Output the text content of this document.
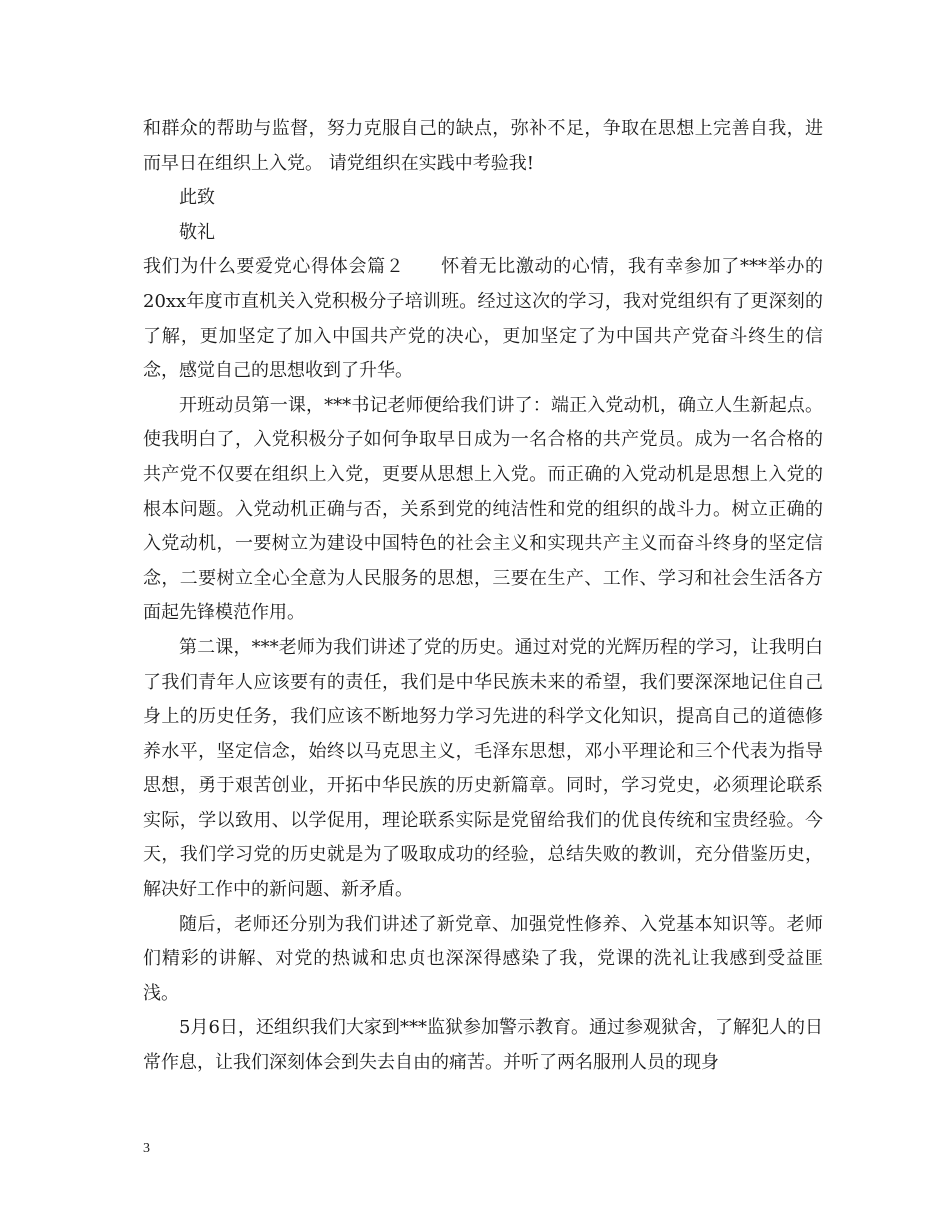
和群众的帮助与监督，努力克服自己的缺点，弥补不足，争取在思想上完善自我，进而早日在组织上入党。 请党组织在实践中考验我!

此致

敬礼

我们为什么要爱党心得体会篇２ 怀着无比激动的心情，我有幸参加了***举办的20xx年度市直机关入党积极分子培训班。经过这次的学习，我对党组织有了更深刻的了解，更加坚定了加入中国共产党的决心，更加坚定了为中国共产党奋斗终生的信念，感觉自己的思想收到了升华。

开班动员第一课，***书记老师便给我们讲了：端正入党动机，确立人生新起点。使我明白了，入党积极分子如何争取早日成为一名合格的共产党员。成为一名合格的共产党不仅要在组织上入党，更要从思想上入党。而正确的入党动机是思想上入党的根本问题。入党动机正确与否，关系到党的纯洁性和党的组织的战斗力。树立正确的入党动机，一要树立为建设中国特色的社会主义和实现共产主义而奋斗终身的坚定信念，二要树立全心全意为人民服务的思想，三要在生产、工作、学习和社会生活各方面起先锋模范作用。

第二课，***老师为我们讲述了党的历史。通过对党的光辉历程的学习，让我明白了我们青年人应该要有的责任，我们是中华民族未来的希望，我们要深深地记住自己身上的历史任务，我们应该不断地努力学习先进的科学文化知识，提高自己的道德修养水平，坚定信念，始终以马克思主义，毛泽东思想，邓小平理论和三个代表为指导思想，勇于艰苦创业，开拓中华民族的历史新篇章。同时，学习党史，必须理论联系实际，学以致用、以学促用，理论联系实际是党留给我们的优良传统和宝贵经验。今天，我们学习党的历史就是为了吸取成功的经验，总结失败的教训，充分借鉴历史，解决好工作中的新问题、新矛盾。

随后，老师还分别为我们讲述了新党章、加强党性修养、入党基本知识等。老师们精彩的讲解、对党的热诚和忠贞也深深得感染了我，党课的洗礼让我感到受益匪浅。

5月6日，还组织我们大家到***监狱参加警示教育。通过参观狱舍，了解犯人的日常作息，让我们深刻体会到失去自由的痛苦。并听了两名服刑人员的现身

3
